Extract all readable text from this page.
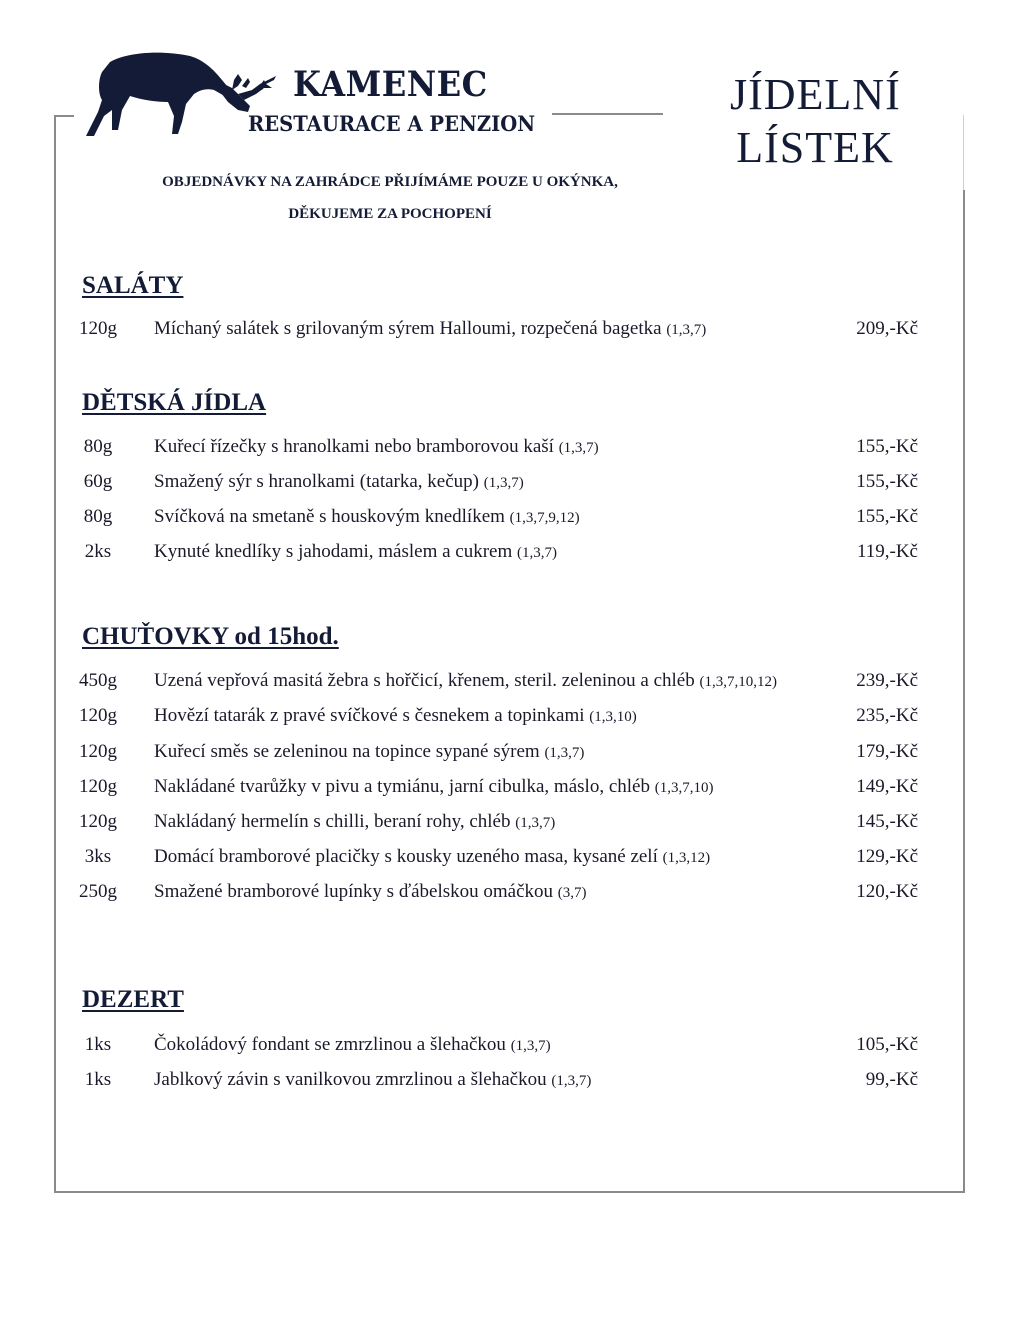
KAMENEC
RESTAURACE A PENZION
JÍDELNÍ
LÍSTEK
OBJEDNÁVKY NA ZAHRÁDCE PŘIJÍMÁME POUZE U OKÝNKA,
DĚKUJEME ZA POCHOPENÍ
SALÁTY
120g	Míchaný salátek s grilovaným sýrem Halloumi, rozpečená bagetka (1,3,7)	209,-Kč
DĚTSKÁ JÍDLA
80g	Kuřecí řízečky s hranolkami nebo bramborovou kaší (1,3,7)	155,-Kč
60g	Smažený sýr s hranolkami (tatarka, kečup) (1,3,7)	155,-Kč
80g	Svíčková na smetaně s houskovým knedlíkem (1,3,7,9,12)	155,-Kč
2ks	Kynuté knedlíky s jahodami, máslem a cukrem (1,3,7)	119,-Kč
CHUŤOVKY od 15hod.
450g	Uzená vepřová masitá žebra s hořčicí, křenem, steril. zeleninou a chléb (1,3,7,10,12)	239,-Kč
120g	Hovězí tatarák z pravé svíčkové s česnekem a topinkami (1,3,10)	235,-Kč
120g	Kuřecí směs se zeleninou na topince sypané sýrem (1,3,7)	179,-Kč
120g	Nakládané tvarůžky v pivu a tymiánu, jarní cibulka, máslo, chléb (1,3,7,10)	149,-Kč
120g	Nakládaný hermelín s chilli, beraní rohy, chléb (1,3,7)	145,-Kč
3ks	Domácí bramborové placičky s kousky uzeného masa, kysané zelí (1,3,12)	129,-Kč
250g	Smažené bramborové lupínky s ďábelskou omáčkou (3,7)	120,-Kč
DEZERT
1ks	Čokoládový fondant se zmrzlinou a šlehačkou (1,3,7)	105,-Kč
1ks	Jablkový závin s vanilkovou zmrzlinou a šlehačkou (1,3,7)	99,-Kč
